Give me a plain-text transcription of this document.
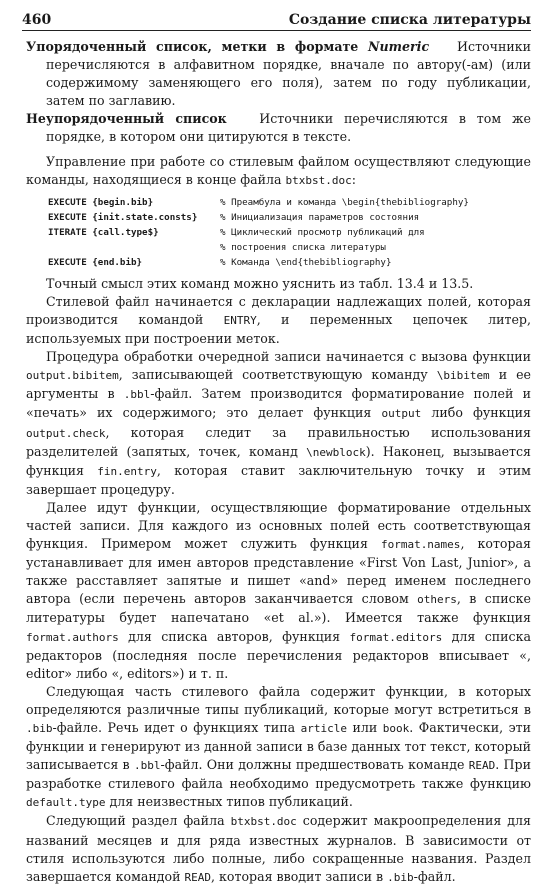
460	Создание списка литературы

Упорядоченный список, метки в формате Numeric Источники перечисляются в алфавитном порядке, вначале по автору(-ам) (или содержимому заменяющего его поля), затем по году публикации, затем по заглавию.

Неупорядоченный список	Источники перечисляются в том же порядке, в котором они цитируются в тексте.

Управление при работе со стилевым файлом осуществляют следующие команды, находящиеся в конце файла btxbst.doc:

EXECUTE {begin.bib}	% Преамбула и команда \begin{thebibliography}
EXECUTE {init.state.consts}	% Инициализация параметров состояния
ITERATE {call.type$}	% Циклический просмотр публикаций для
	% построения списка литературы
EXECUTE {end.bib}	% Команда \end{thebibliography}

Точный смысл этих команд можно уяснить из табл. 13.4 и 13.5.

Стилевой файл начинается с декларации надлежащих полей, которая производится командой ENTRY, и переменных цепочек литер, используемых при построении меток.

Процедура обработки очередной записи начинается с вызова функции output.bibitem, записывающей соответствующую команду \bibitem и ее аргументы в .bbl-файл. Затем производится форматирование полей и «печать» их содержимого; это делает функция output либо функция output.check, которая следит за правильностью использования разделителей (запятых, точек, команд \newblock). Наконец, вызывается функция fin.entry, которая ставит заключительную точку и этим завершает процедуру.

Далее идут функции, осуществляющие форматирование отдельных частей записи. Для каждого из основных полей есть соответствующая функция. Примером может служить функция format.names, которая устанавливает для имен авторов представление «First Von Last, Junior», а также расставляет запятые и пишет «and» перед именем последнего автора (если перечень авторов заканчивается словом others, в списке литературы будет напечатано «et al.»). Имеется также функция format.authors для списка авторов, функция format.editors для списка редакторов (последняя после перечисления редакторов вписывает «, editor» либо «, editors») и т. п.

Следующая часть стилевого файла содержит функции, в которых определяются различные типы публикаций, которые могут встретиться в .bib-файле. Речь идет о функциях типа article или book. Фактически, эти функции и генерируют из данной записи в базе данных тот текст, который записывается в .bbl-файл. Они должны предшествовать команде READ. При разработке стилевого файла необходимо предусмотреть также функцию default.type для неизвестных типов публикаций.

Следующий раздел файла btxbst.doc содержит макроопределения для названий месяцев и для ряда известных журналов. В зависимости от стиля используются либо полные, либо сокращенные названия. Раздел завершается командой READ, которая вводит записи в .bib-файл.
